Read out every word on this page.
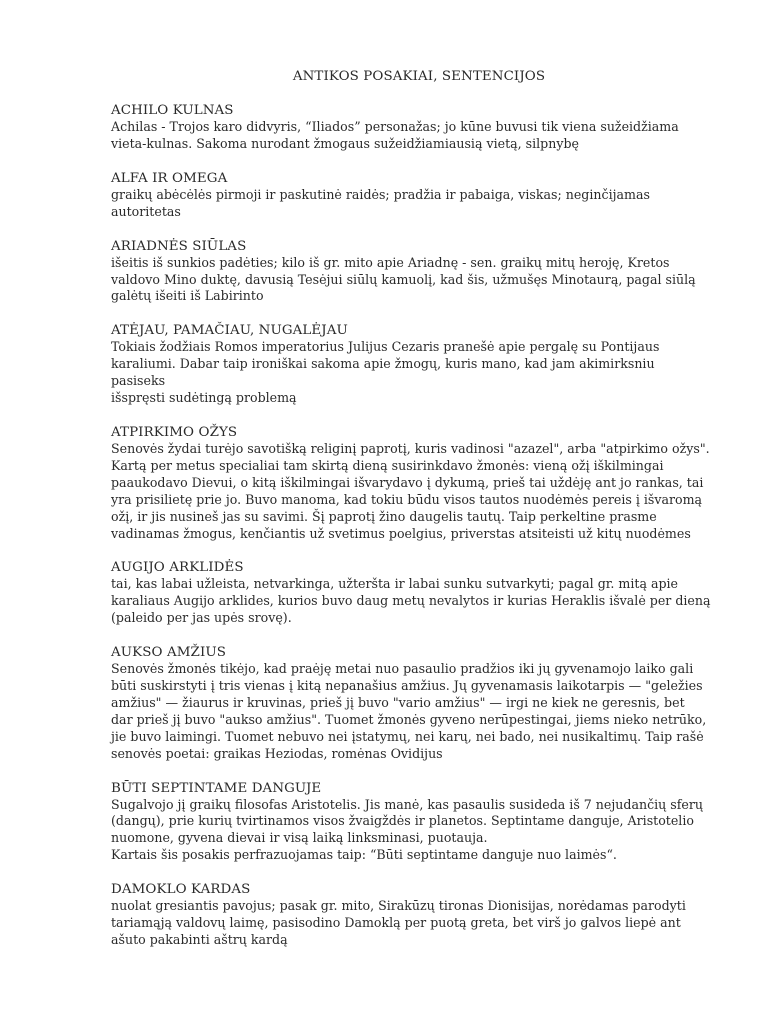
ANTIKOS POSAKIAI, SENTENCIJOS
ACHILO KULNAS
Achilas - Trojos karo didvyris, “Iliados” personažas; jo kūne buvusi tik viena sužeidžiama
vieta-kulnas. Sakoma nurodant žmogaus sužeidžiamiausią vietą, silpnybę
ALFA IR OMEGA
graikų abėcėlės pirmoji ir paskutinė raidės; pradžia ir pabaiga, viskas; neginčijamas
autoritetas
ARIADNĖS SIŪLAS
išeitis iš sunkios padėties; kilo iš gr. mito apie Ariadnę - sen. graikų mitų heroję, Kretos
valdovo Mino duktę, davusią Tesėjui siūlų kamuolį, kad šis, užmušęs Minotaurą, pagal siūlą
galėtų išeiti iš Labirinto
ATĖJAU, PAMAČIAU, NUGALĖJAU
Tokiais žodžiais Romos imperatorius Julijus Cezaris pranešė apie pergalę su Pontijaus
karaliumi. Dabar taip ironiškai sakoma apie žmogų, kuris mano, kad jam akimirksniu pasiseks
išspręsti sudėtingą problemą
ATPIRKIMO OŽYS
Senovės žydai turėjo savotišką religinį paprotį, kuris vadinosi "azazel", arba "atpirkimo ožys".
Kartą per metus specialiai tam skirtą dieną susirinkdavo žmonės: vieną ožį iškilmingai
paaukodavo Dievui, o kitą iškilmingai išvarydavo į dykumą, prieš tai uždėję ant jo rankas, tai
yra prisilietę prie jo. Buvo manoma, kad tokiu būdu visos tautos nuodėmės pereis į išvaromą
ožį, ir jis nusineš jas su savimi. Šį paprotį žino daugelis tautų. Taip perkeltine prasme
vadinamas žmogus, kenčiantis už svetimus poelgius, priverstas atsiteisti už kitų nuodėmes
AUGIJO ARKLIDĖS
tai, kas labai užleista, netvarkinga, užteršta ir labai sunku sutvarkyti; pagal gr. mitą apie
karaliaus Augijo arklides, kurios buvo daug metų nevalytos ir kurias Heraklis išvalė per dieną
(paleido per jas upės srovę).
AUKSO AMŽIUS
Senovės žmonės tikėjo, kad praėję metai nuo pasaulio pradžios iki jų gyvenamojo laiko gali
būti suskirstyti į tris vienas į kitą nepanašius amžius. Jų gyvenamasis laikotarpis — "geležies
amžius" — žiaurus ir kruvinas, prieš jį buvo "vario amžius" — irgi ne kiek ne geresnis, bet
dar prieš jį buvo "aukso amžius". Tuomet žmonės gyveno nerūpestingai, jiems nieko netrūko,
jie buvo laimingi. Tuomet nebuvo nei įstatymų, nei karų, nei bado, nei nusikaltimų. Taip rašė
senovės poetai: graikas Heziodas, romėnas Ovidijus
BŪTI SEPTINTAME DANGUJE
Sugalvojo jį graikų filosofas Aristotelis. Jis manė, kas pasaulis susideda iš 7 nejudančių sferų
(dangų), prie kurių tvirtinamos visos žvaigždės ir planetos. Septintame danguje, Aristotelio
nuomone, gyvena dievai ir visą laiką linksminasi, puotauja.
Kartais šis posakis perfrazuojamas taip: “Būti septintame danguje nuo laimės“.
DAMOKLO KARDAS
nuolat gresiantis pavojus; pasak gr. mito, Sirakūzų tironas Dionisijas, norėdamas parodyti
tariamąją valdovų laimę, pasisodino Damoklą per puotą greta, bet virš jo galvos liepė ant
ašuto pakabinti aštrų kardą
